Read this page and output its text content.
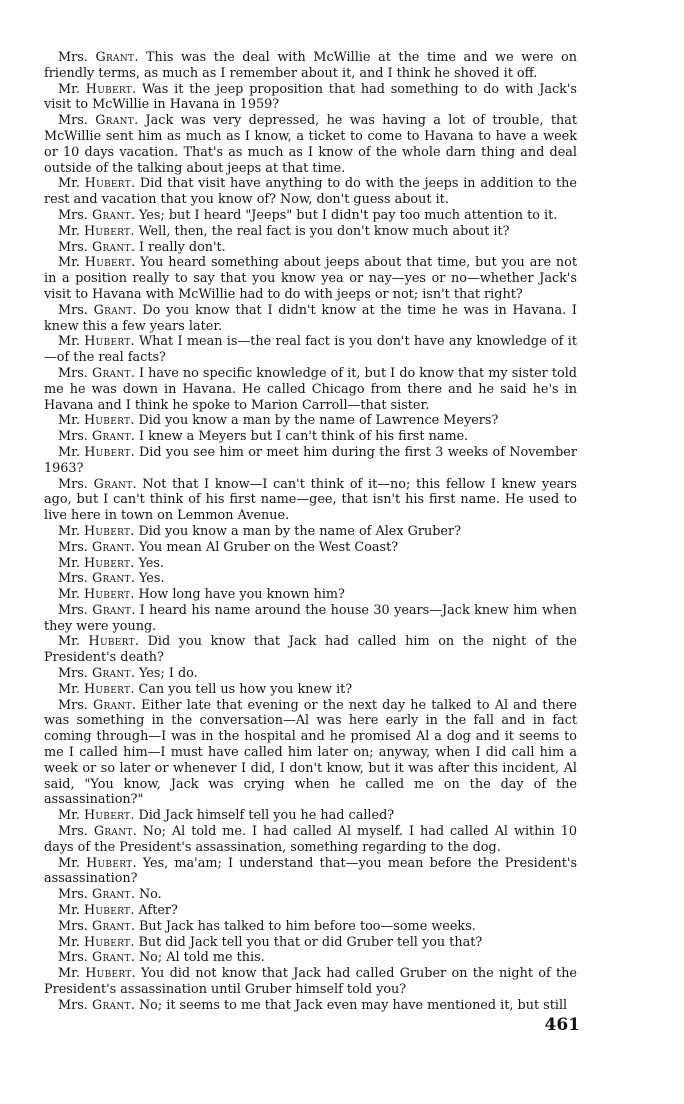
Mrs. Grant. This was the deal with McWillie at the time and we were on friendly terms, as much as I remember about it, and I think he shoved it off.

Mr. Hubert. Was it the jeep proposition that had something to do with Jack's visit to McWillie in Havana in 1959?

Mrs. Grant. Jack was very depressed, he was having a lot of trouble, that McWillie sent him as much as I know, a ticket to come to Havana to have a week or 10 days vacation. That's as much as I know of the whole darn thing and deal outside of the talking about jeeps at that time.

Mr. Hubert. Did that visit have anything to do with the jeeps in addition to the rest and vacation that you know of? Now, don't guess about it.

Mrs. Grant. Yes; but I heard "Jeeps" but I didn't pay too much attention to it.

Mr. Hubert. Well, then, the real fact is you don't know much about it?

Mrs. Grant. I really don't.

Mr. Hubert. You heard something about jeeps about that time, but you are not in a position really to say that you know yea or nay—yes or no—whether Jack's visit to Havana with McWillie had to do with jeeps or not; isn't that right?

Mrs. Grant. Do you know that I didn't know at the time he was in Havana. I knew this a few years later.

Mr. Hubert. What I mean is—the real fact is you don't have any knowledge of it—of the real facts?

Mrs. Grant. I have no specific knowledge of it, but I do know that my sister told me he was down in Havana. He called Chicago from there and he said he's in Havana and I think he spoke to Marion Carroll—that sister.

Mr. Hubert. Did you know a man by the name of Lawrence Meyers?

Mrs. Grant. I knew a Meyers but I can't think of his first name.

Mr. Hubert. Did you see him or meet him during the first 3 weeks of November 1963?

Mrs. Grant. Not that I know—I can't think of it—no; this fellow I knew years ago, but I can't think of his first name—gee, that isn't his first name. He used to live here in town on Lemmon Avenue.

Mr. Hubert. Did you know a man by the name of Alex Gruber?

Mrs. Grant. You mean Al Gruber on the West Coast?

Mr. Hubert. Yes.

Mrs. Grant. Yes.

Mr. Hubert. How long have you known him?

Mrs. Grant. I heard his name around the house 30 years—Jack knew him when they were young.

Mr. Hubert. Did you know that Jack had called him on the night of the President's death?

Mrs. Grant. Yes; I do.

Mr. Hubert. Can you tell us how you knew it?

Mrs. Grant. Either late that evening or the next day he talked to Al and there was something in the conversation—Al was here early in the fall and in fact coming through—I was in the hospital and he promised Al a dog and it seems to me I called him—I must have called him later on; anyway, when I did call him a week or so later or whenever I did, I don't know, but it was after this incident, Al said, "You know, Jack was crying when he called me on the day of the assassination?"

Mr. Hubert. Did Jack himself tell you he had called?

Mrs. Grant. No; Al told me. I had called Al myself. I had called Al within 10 days of the President's assassination, something regarding to the dog.

Mr. Hubert. Yes, ma'am; I understand that—you mean before the President's assassination?

Mrs. Grant. No.

Mr. Hubert. After?

Mrs. Grant. But Jack has talked to him before too—some weeks.

Mr. Hubert. But did Jack tell you that or did Gruber tell you that?

Mrs. Grant. No; Al told me this.

Mr. Hubert. You did not know that Jack had called Gruber on the night of the President's assassination until Gruber himself told you?

Mrs. Grant. No; it seems to me that Jack even may have mentioned it, but still

461
